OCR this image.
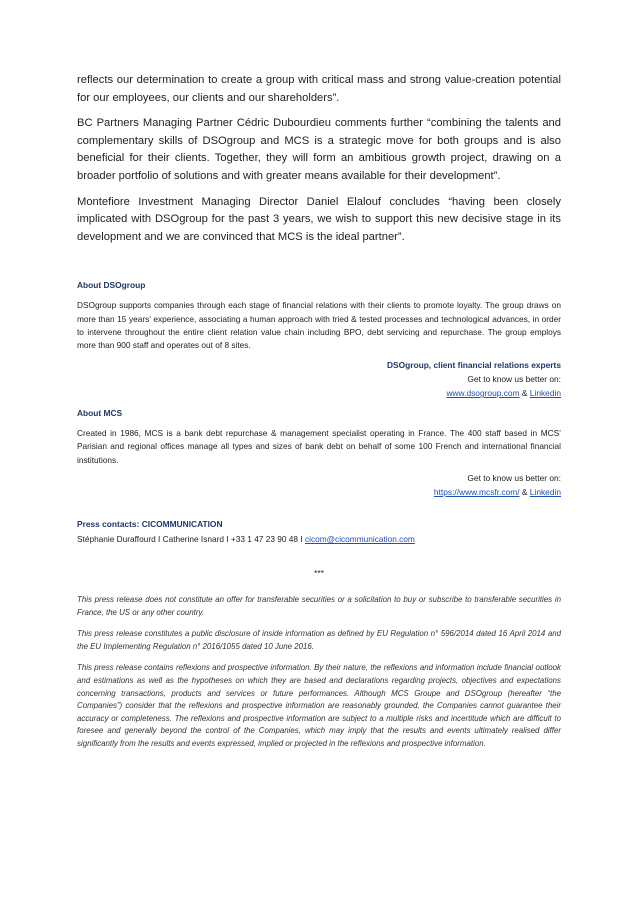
reflects our determination to create a group with critical mass and strong value-creation potential for our employees, our clients and our shareholders”.

BC Partners Managing Partner Cédric Dubourdieu comments further “combining the talents and complementary skills of DSOgroup and MCS is a strategic move for both groups and is also beneficial for their clients. Together, they will form an ambitious growth project, drawing on a broader portfolio of solutions and with greater means available for their development”.

Montefiore Investment Managing Director Daniel Elalouf concludes “having been closely implicated with DSOgroup for the past 3 years, we wish to support this new decisive stage in its development and we are convinced that MCS is the ideal partner”.

About DSOgroup

DSOgroup supports companies through each stage of financial relations with their clients to promote loyalty. The group draws on more than 15 years’ experience, associating a human approach with tried & tested processes and technological advances, in order to intervene throughout the entire client relation value chain including BPO, debt servicing and repurchase. The group employs more than 900 staff and operates out of 8 sites.

DSOgroup, client financial relations experts
Get to know us better on:
www.dsogroup.com & Linkedin

About MCS

Created in 1986, MCS is a bank debt repurchase & management specialist operating in France. The 400 staff based in MCS’ Parisian and regional offices manage all types and sizes of bank debt on behalf of some 100 French and international financial institutions.

Get to know us better on:
https://www.mcsfr.com/ & Linkedin

Press contacts: CICOMMUNICATION

Stéphanie Duraffourd I Catherine Isnard I +33 1 47 23 90 48 I cicom@cicommunication.com

***

This press release does not constitute an offer for transferable securities or a solicitation to buy or subscribe to transferable securities in France, the US or any other country.

This press release constitutes a public disclosure of inside information as defined by EU Regulation n° 596/2014 dated 16 April 2014 and the EU Implementing Regulation n° 2016/1055 dated 10 June 2016.

This press release contains reflexions and prospective information. By their nature, the reflexions and information include financial outlook and estimations as well as the hypotheses on which they are based and declarations regarding projects, objectives and expectations concerning transactions, products and services or future performances. Although MCS Groupe and DSOgroup (hereafter “the Companies”) consider that the reflexions and prospective information are reasonably grounded, the Companies cannot guarantee their accuracy or completeness. The reflexions and prospective information are subject to a multiple risks and incertitude which are difficult to foresee and generally beyond the control of the Companies, which may imply that the results and events ultimately realised differ significantly from the results and events expressed, implied or projected in the reflexions and prospective information.
